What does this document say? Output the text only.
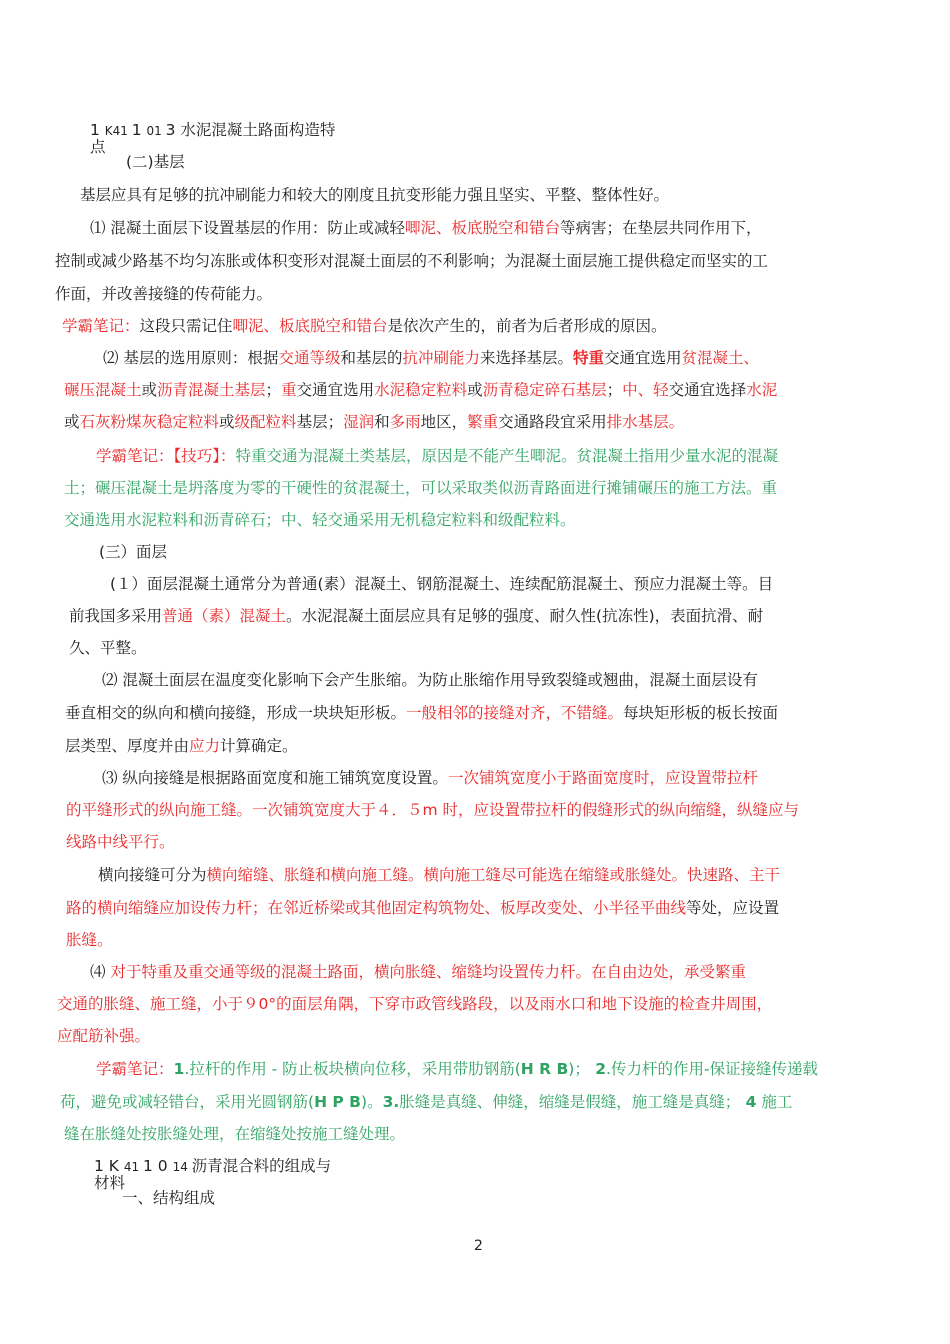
1 K41 1 01 3 水泥混凝土路面构造特
点
(二)基层
基层应具有足够的抗冲刷能力和较大的刚度且抗变形能力强且坚实、平整、整体性好。
⑴ 混凝土面层下设置基层的作用：防止或减轻唧泥、板底脱空和错台等病害；在垫层共同作用下，
控制或减少路基不均匀冻胀或体积变形对混凝土面层的不利影响；为混凝土面层施工提供稳定而坚实的工
作面，并改善接缝的传荷能力。
学霸笔记：这段只需记住唧泥、板底脱空和错台是依次产生的，前者为后者形成的原因。
⑵ 基层的选用原则：根据交通等级和基层的抗冲刷能力来选择基层。特重交通宜选用贫混凝土、
碾压混凝土或沥青混凝土基层；重交通宜选用水泥稳定粒料或沥青稳定碎石基层；中、轻交通宜选择水泥
或石灰粉煤灰稳定粒料或级配粒料基层；湿润和多雨地区，繁重交通路段宜采用排水基层。
学霸笔记：【技巧】：特重交通为混凝土类基层，原因是不能产生唧泥。贫混凝土指用少量水泥的混凝
土；碾压混凝土是坍落度为零的干硬性的贫混凝土，可以采取类似沥青路面进行摊铺碾压的施工方法。重
交通选用水泥粒料和沥青碎石；中、轻交通采用无机稳定粒料和级配粒料。
(三）面层
(１）面层混凝土通常分为普通(素）混凝土、钢筋混凝土、连续配筋混凝土、预应力混凝土等。目
前我国多采用普通（素）混凝土。水泥混凝土面层应具有足够的强度、耐久性(抗冻性)，表面抗滑、耐
久、平整。
⑵ 混凝土面层在温度变化影响下会产生胀缩。为防止胀缩作用导致裂缝或翘曲，混凝土面层设有
垂直相交的纵向和横向接缝，形成一块块矩形板。一般相邻的接缝对齐，不错缝。每块矩形板的板长按面
层类型、厚度并由应力计算确定。
⑶ 纵向接缝是根据路面宽度和施工铺筑宽度设置。一次铺筑宽度小于路面宽度时，应设置带拉杆
的平缝形式的纵向施工缝。一次铺筑宽度大于４．５m 时，应设置带拉杆的假缝形式的纵向缩缝，纵缝应与
线路中线平行。
横向接缝可分为横向缩缝、胀缝和横向施工缝。横向施工缝尽可能选在缩缝或胀缝处。快速路、主干
路的横向缩缝应加设传力杆；在邻近桥梁或其他固定构筑物处、板厚改变处、小半径平曲线等处，应设置
胀缝。
⑷ 对于特重及重交通等级的混凝土路面，横向胀缝、缩缝均设置传力杆。在自由边处，承受繁重
交通的胀缝、施工缝，小于９0°的面层角隅，下穿市政管线路段，以及雨水口和地下设施的检查井周围，
应配筋补强。
学霸笔记：1.拉杆的作用 - 防止板块横向位移，采用带肋钢筋(H R B)； 2.传力杆的作用-保证接缝传递载
荷，避免或减轻错台，采用光圆钢筋(H P B)。3.胀缝是真缝、伸缝，缩缝是假缝，施工缝是真缝； 4 施工
缝在胀缝处按胀缝处理，在缩缝处按施工缝处理。
1 K 41 1 0 14 沥青混合料的组成与
材料
一、结构组成
2
